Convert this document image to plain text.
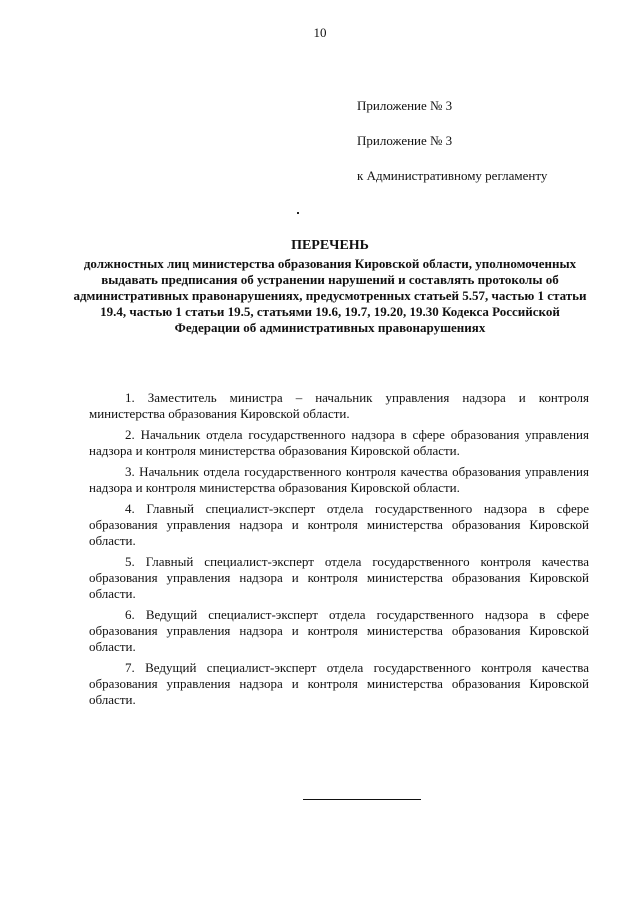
10
Приложение № 3
Приложение № 3
к Административному регламенту
ПЕРЕЧЕНЬ

должностных лиц министерства образования Кировской области, уполномоченных выдавать предписания об устранении нарушений и составлять протоколы об административных правонарушениях, предусмотренных статьей 5.57, частью 1 статьи 19.4, частью 1 статьи 19.5, статьями 19.6, 19.7, 19.20, 19.30 Кодекса Российской Федерации об административных правонарушениях

1. Заместитель министра – начальник управления надзора и контроля министерства образования Кировской области.
2. Начальник отдела государственного надзора в сфере образования управления надзора и контроля министерства образования Кировской области.
3. Начальник отдела государственного контроля качества образования управления надзора и контроля министерства образования Кировской области.
4. Главный специалист-эксперт отдела государственного надзора в сфере образования управления надзора и контроля министерства образования Кировской области.
5. Главный специалист-эксперт отдела государственного контроля качества образования управления надзора и контроля министерства образования Кировской области.
6. Ведущий специалист-эксперт отдела государственного надзора в сфере образования управления надзора и контроля министерства образования Кировской области.
7. Ведущий специалист-эксперт отдела государственного контроля качества образования управления надзора и контроля министерства образования Кировской области.
